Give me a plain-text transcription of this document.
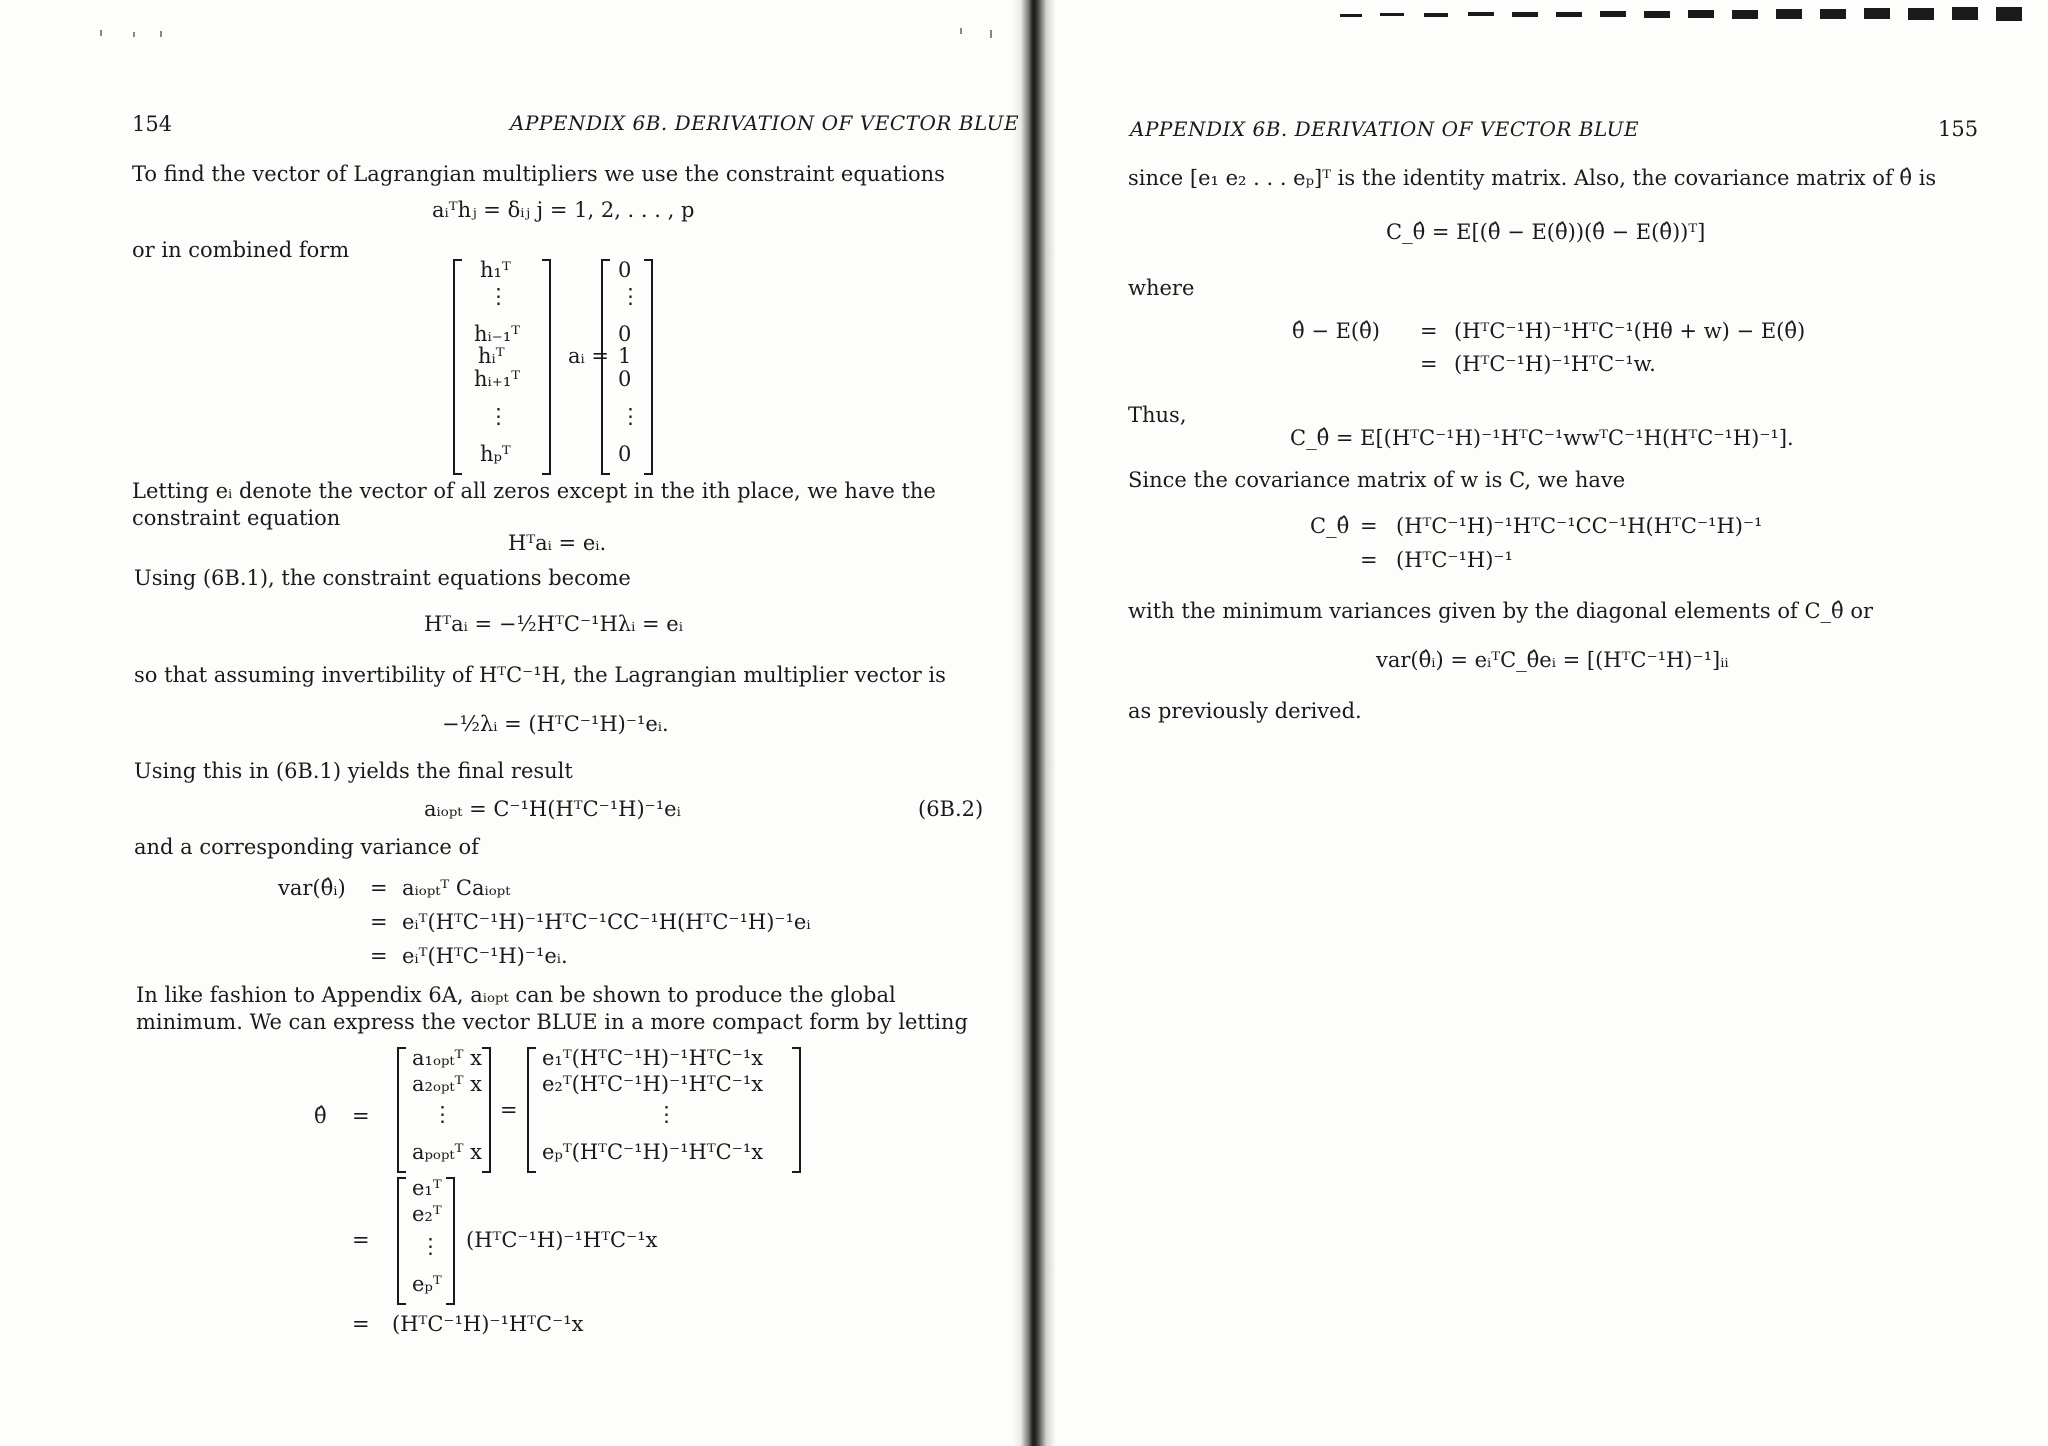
154	APPENDIX 6B. DERIVATION OF VECTOR BLUE
To find the vector of Lagrangian multipliers we use the constraint equations
aᵢᵀhⱼ = δᵢⱼ j = 1, 2, . . . , p
or in combined form
h₁ᵀ
⋮
hᵢ₋₁ᵀ
hᵢᵀ
hᵢ₊₁ᵀ
⋮
hₚᵀ
aᵢ =
0
⋮
0
1
0
⋮
0
Letting eᵢ denote the vector of all zeros except in the ith place, we have the constraint equation
Hᵀaᵢ = eᵢ.
Using (6B.1), the constraint equations become
Hᵀaᵢ = −½HᵀC⁻¹Hλᵢ = eᵢ
so that assuming invertibility of HᵀC⁻¹H, the Lagrangian multiplier vector is
−½λᵢ = (HᵀC⁻¹H)⁻¹eᵢ.
Using this in (6B.1) yields the final result
aᵢₒₚₜ = C⁻¹H(HᵀC⁻¹H)⁻¹eᵢ	(6B.2)
and a corresponding variance of
var(θ̂ᵢ) = aᵢₒₚₜᵀ Caᵢₒₚₜ
= eᵢᵀ(HᵀC⁻¹H)⁻¹HᵀC⁻¹CC⁻¹H(HᵀC⁻¹H)⁻¹eᵢ
= eᵢᵀ(HᵀC⁻¹H)⁻¹eᵢ.
In like fashion to Appendix 6A, aᵢₒₚₜ can be shown to produce the global minimum. We can express the vector BLUE in a more compact form by letting
θ̂ =
a₁ₒₚₜᵀ x
a₂ₒₚₜᵀ x
⋮
aₚₒₚₜᵀ x
=
e₁ᵀ(HᵀC⁻¹H)⁻¹HᵀC⁻¹x
e₂ᵀ(HᵀC⁻¹H)⁻¹HᵀC⁻¹x
⋮
eₚᵀ(HᵀC⁻¹H)⁻¹HᵀC⁻¹x
=
e₁ᵀ
e₂ᵀ
⋮
eₚᵀ
(HᵀC⁻¹H)⁻¹HᵀC⁻¹x
= (HᵀC⁻¹H)⁻¹HᵀC⁻¹x
APPENDIX 6B. DERIVATION OF VECTOR BLUE	155
since [e₁ e₂ . . . eₚ]ᵀ is the identity matrix. Also, the covariance matrix of θ̂ is
C_θ̂ = E[(θ̂ − E(θ̂))(θ̂ − E(θ̂))ᵀ]
where
θ̂ − E(θ̂) = (HᵀC⁻¹H)⁻¹HᵀC⁻¹(Hθ + w) − E(θ̂)
= (HᵀC⁻¹H)⁻¹HᵀC⁻¹w.
Thus,
C_θ̂ = E[(HᵀC⁻¹H)⁻¹HᵀC⁻¹wwᵀC⁻¹H(HᵀC⁻¹H)⁻¹].
Since the covariance matrix of w is C, we have
C_θ̂ = (HᵀC⁻¹H)⁻¹HᵀC⁻¹CC⁻¹H(HᵀC⁻¹H)⁻¹
= (HᵀC⁻¹H)⁻¹
with the minimum variances given by the diagonal elements of C_θ̂ or
var(θ̂ᵢ) = eᵢᵀC_θ̂eᵢ = [(HᵀC⁻¹H)⁻¹]ᵢᵢ
as previously derived.
